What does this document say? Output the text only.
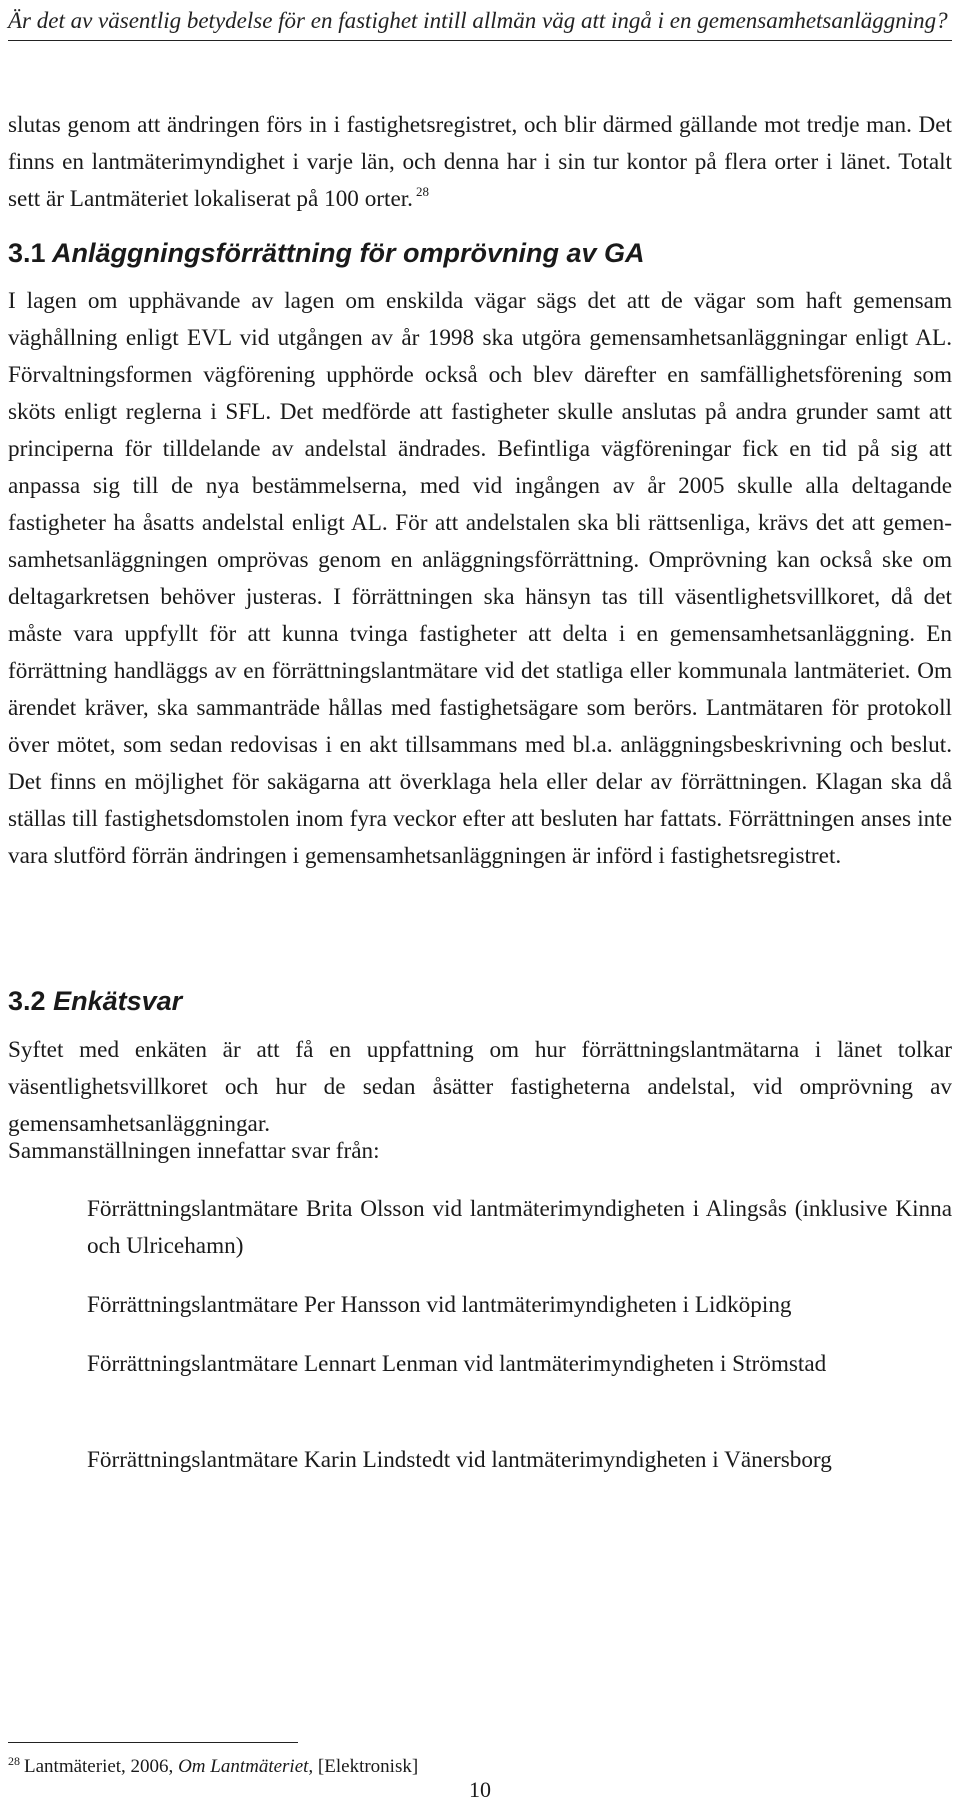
Är det av väsentlig betydelse för en fastighet intill allmän väg att ingå i en gemensamhetsanläggning?

slutas genom att ändringen förs in i fastighetsregistret, och blir därmed gällande mot tredje man. Det finns en lantmäterimyndighet i varje län, och denna har i sin tur kontor på flera orter i länet. Totalt sett är Lantmäteriet lokaliserat på 100 orter. $^{28}$

3.1 Anläggningsförrättning för omprövning av GA

I lagen om upphävande av lagen om enskilda vägar sägs det att de vägar som haft gemensam väghållning enligt EVL vid utgången av år 1998 ska utgöra gemensamhetsanläggningar enligt AL. Förvaltningsformen vägförening upphörde också och blev därefter en samfällighetsförening som sköts enligt reglerna i SFL. Det medförde att fastigheter skulle anslutas på andra grunder samt att principerna för tilldelande av andelstal ändrades. Befintliga vägföreningar fick en tid på sig att anpassa sig till de nya bestämmelserna, med vid ingången av år 2005 skulle alla deltagande fastigheter ha åsatts andelstal enligt AL. För att andelstalen ska bli rättsenliga, krävs det att gemensamhetsanläggningen omprövas genom en anläggningsförrättning. Omprövning kan också ske om deltagarkretsen behöver justeras. I förrättningen ska hänsyn tas till väsentlighetsvillkoret, då det måste vara uppfyllt för att kunna tvinga fastigheter att delta i en gemensamhetsanläggning. En förrättning handläggs av en förrättningslantmätare vid det statliga eller kommunala lantmäteriet. Om ärendet kräver, ska sammanträde hållas med fastighetsägare som berörs. Lantmätaren för protokoll över mötet, som sedan redovisas i en akt tillsammans med bl.a. anläggningsbeskrivning och beslut. Det finns en möjlighet för sakägarna att överklaga hela eller delar av förrättningen. Klagan ska då ställas till fastighetsdomstolen inom fyra veckor efter att besluten har fattats. Förrättningen anses inte vara slutförd förrän ändringen i gemensamhetsanläggningen är införd i fastighetsregistret.

3.2 Enkätsvar

Syftet med enkäten är att få en uppfattning om hur förrättningslantmätarna i länet tolkar väsentlighetsvillkoret och hur de sedan åsätter fastigheterna andelstal, vid omprövning av gemensamhetsanläggningar.

Sammanställningen innefattar svar från:

Förrättningslantmätare Brita Olsson vid lantmäterimyndigheten i Alingsås (inklusive Kinna och Ulricehamn)

Förrättningslantmätare Per Hansson vid lantmäterimyndigheten i Lidköping

Förrättningslantmätare Lennart Lenman vid lantmäterimyndigheten i Strömstad

Förrättningslantmätare Karin Lindstedt vid lantmäterimyndigheten i Vänersborg

$^{28}$ Lantmäteriet, 2006, Om Lantmäteriet, [Elektronisk]
10
